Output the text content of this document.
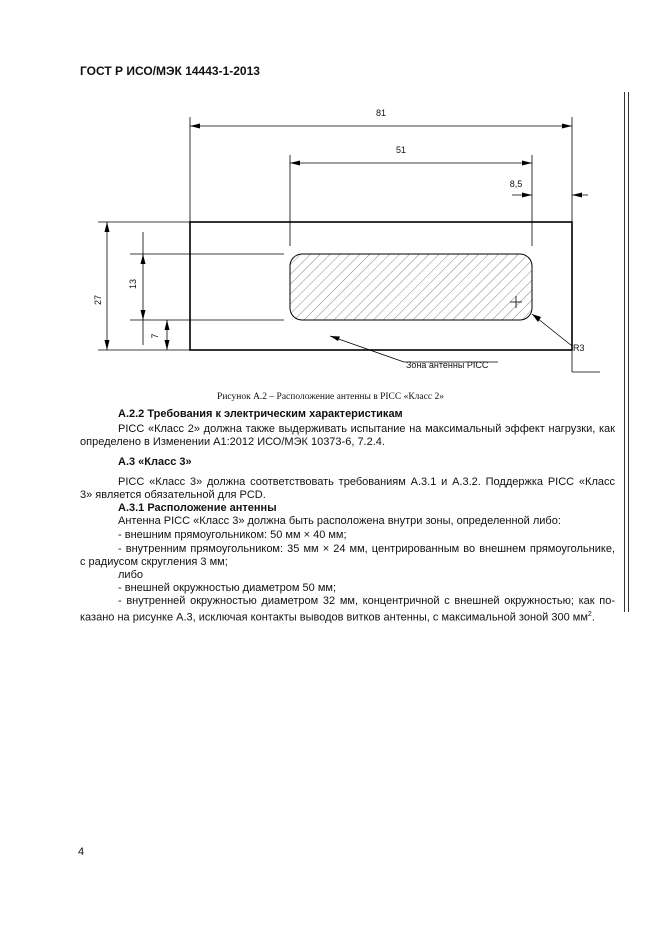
ГОСТ Р ИСО/МЭК 14443-1-2013
81
51
8,5
27
13
7
R3
Зона антенны PICC
Рисунок А.2 – Расположение антенны в PICC «Класс 2»
А.2.2 Требования к электрическим характеристикам
PICC «Класс 2» должна также выдерживать испытание на максимальный эффект нагрузки, как
определено в Изменении А1:2012 ИСО/МЭК 10373-6, 7.2.4.
А.3 «Класс 3»
PICC «Класс 3» должна соответствовать требованиям А.3.1 и А.3.2. Поддержка PICC «Класс
3» является обязательной для PCD.
А.3.1 Расположение антенны
Антенна PICC «Класс 3» должна быть расположена внутри зоны, определенной либо:
- внешним прямоугольником: 50 мм × 40 мм;
- внутренним прямоугольником: 35 мм × 24 мм, центрированным во внешнем прямоугольнике,
с радиусом скругления 3 мм;
либо
- внешней окружностью диаметром 50 мм;
- внутренней окружностью диаметром 32 мм, концентричной с внешней окружностью; как по-
казано на рисунке А.3, исключая контакты выводов витков антенны, с максимальной зоной 300 $мм^2$.
4
